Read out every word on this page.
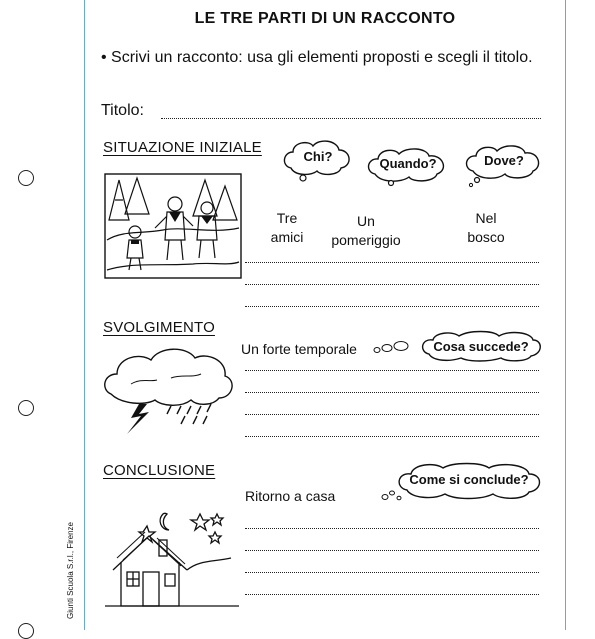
Giunti Scuola S.r.l., Firenze
LE TRE PARTI DI UN RACCONTO
• Scrivi un racconto: usa gli elementi proposti e scegli il titolo.
Titolo:
SITUAZIONE INIZIALE	Chi?	Quando?	Dove?
Tre
amici
Un
pomeriggio
Nel
bosco
SVOLGIMENTO
Un forte temporale	Cosa succede?
CONCLUSIONE	Come si conclude?
Ritorno a casa
